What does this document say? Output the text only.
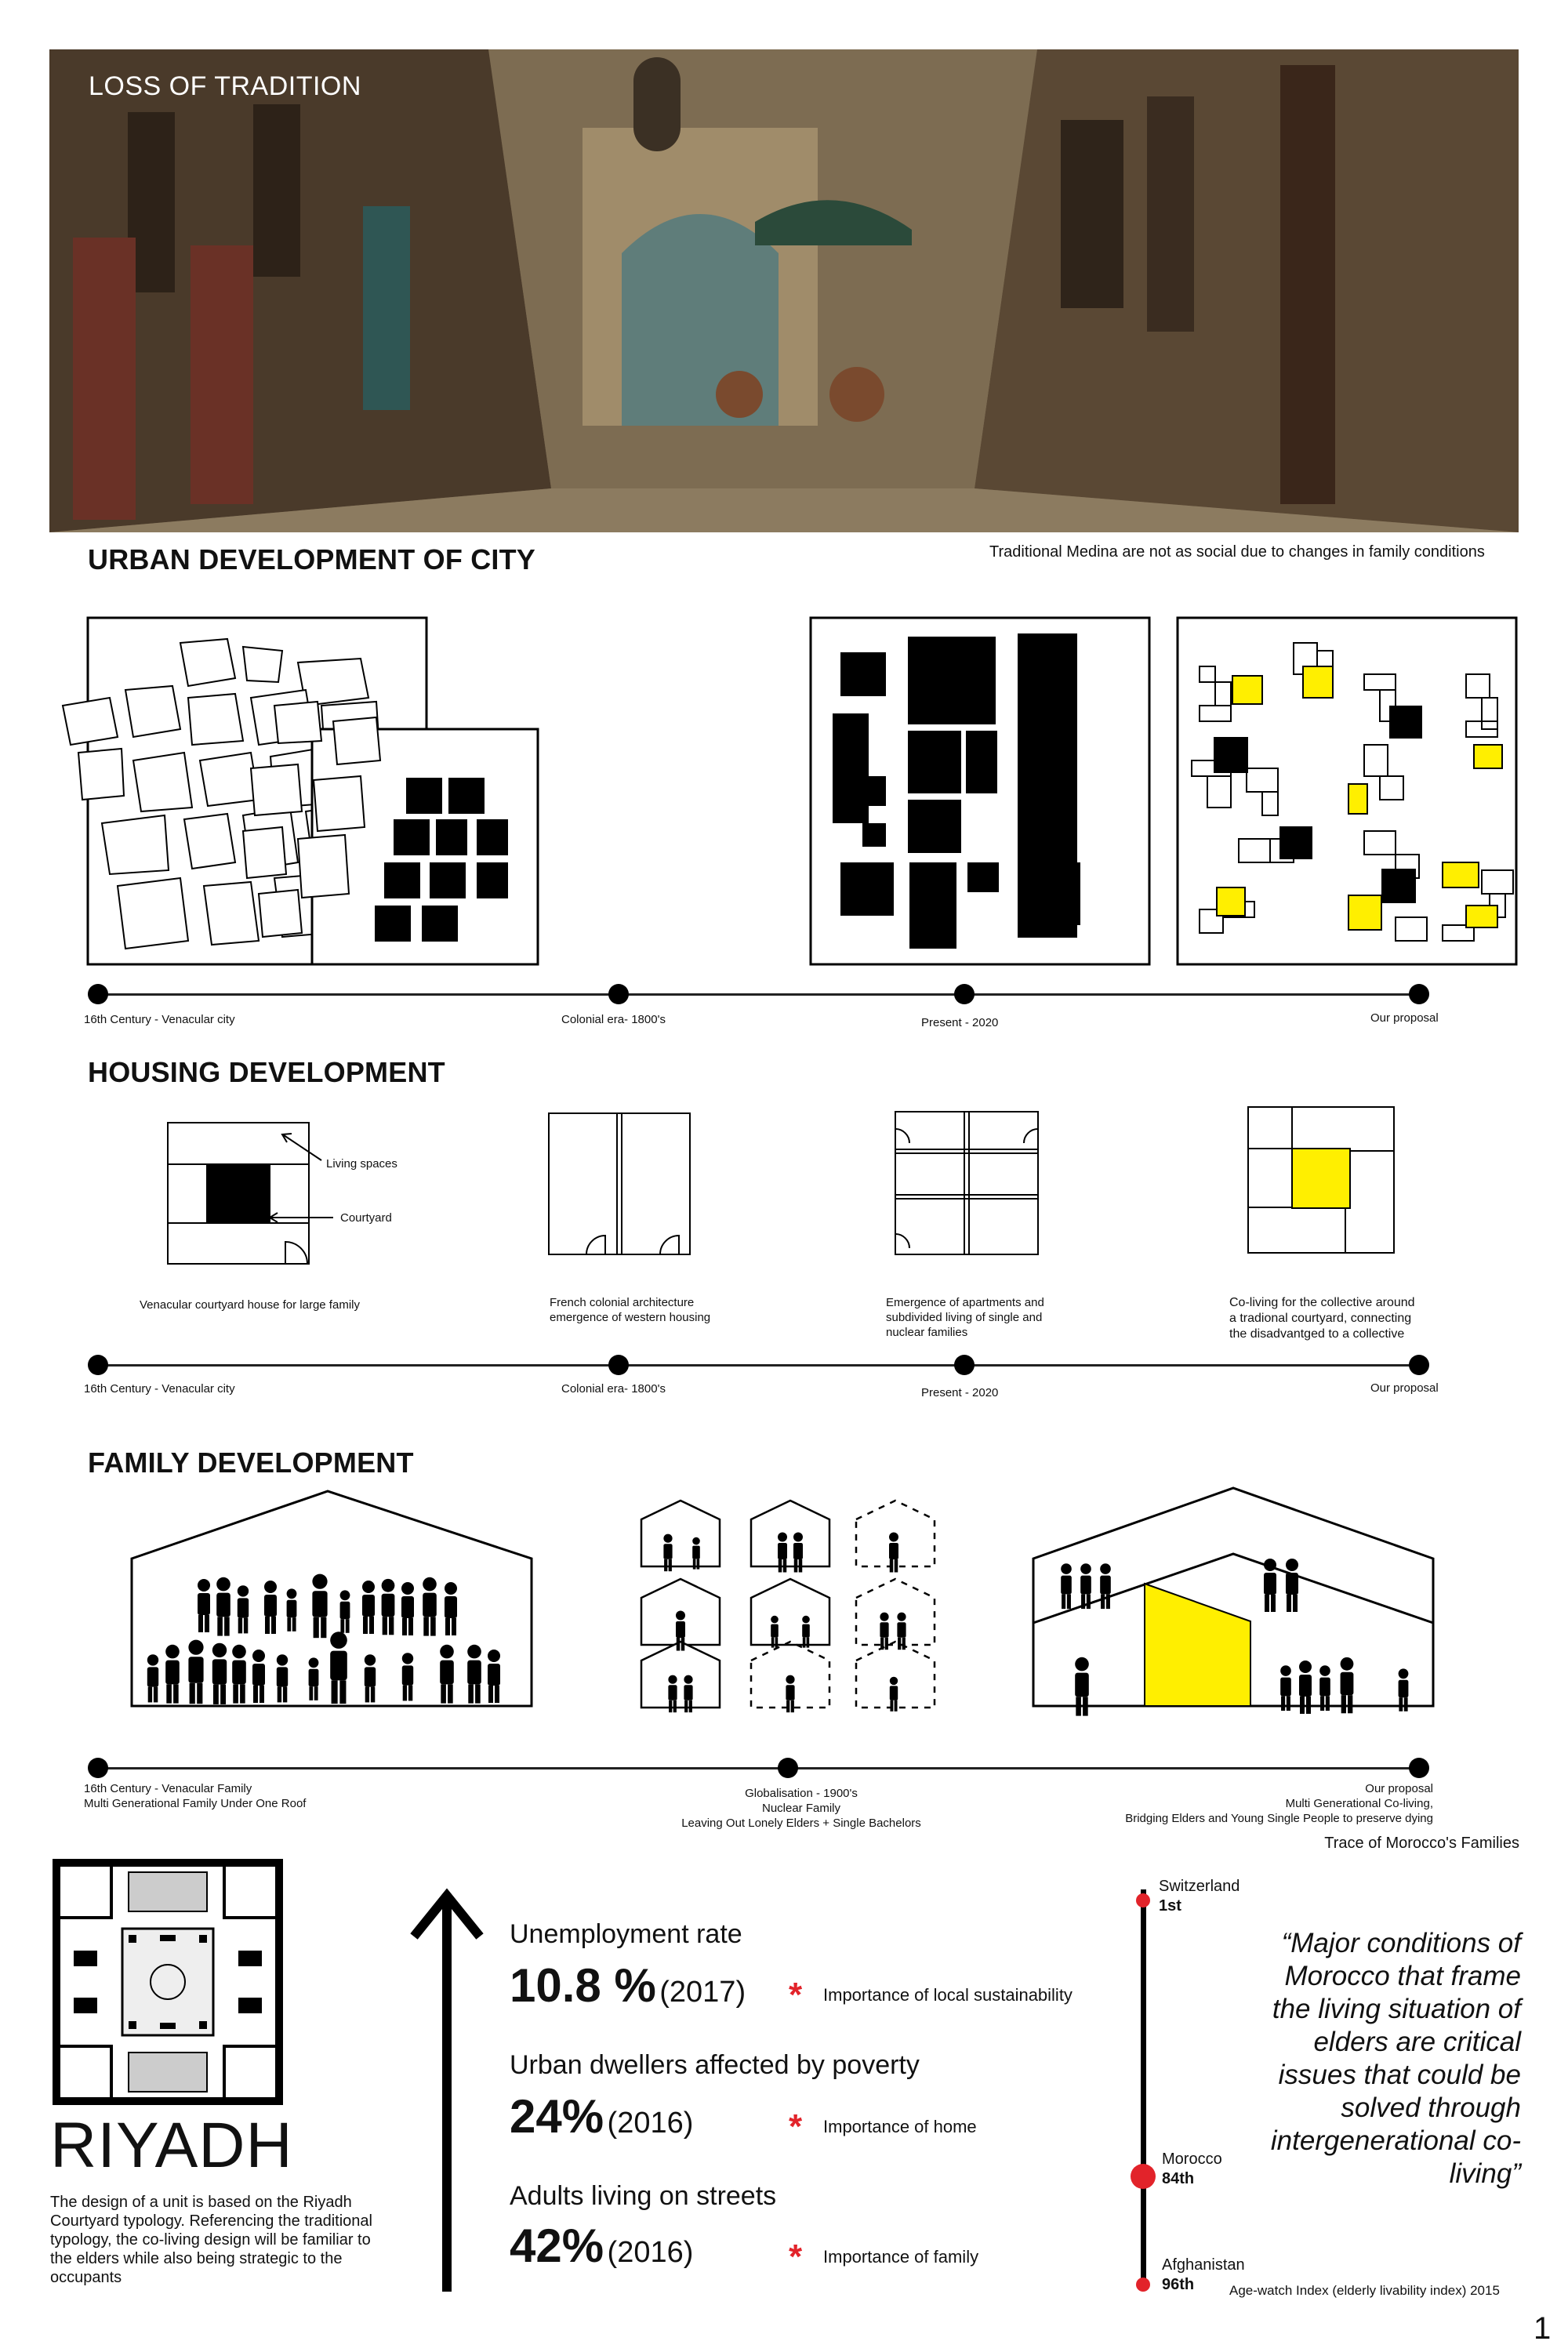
LOSS OF TRADITION
URBAN DEVELOPMENT OF CITY	Traditional Medina are not as social due to changes in family conditions
16th Century - Venacular city	Colonial era- 1800's	Present - 2020	Our proposal
HOUSING DEVELOPMENT
Living spaces
Courtyard
Venacular courtyard house for large family	French colonial architecture
emergence of western housing
Emergence of apartments and
subdivided living of single and
nuclear families
Co-living for the collective around
a tradional courtyard, connecting
the disadvantged to a collective
16th Century - Venacular city	Colonial era- 1800's	Present - 2020	Our proposal
FAMILY DEVELOPMENT
16th Century - Venacular Family
Multi Generational Family Under One Roof
Globalisation - 1900's
Nuclear Family
Leaving Out Lonely Elders + Single Bachelors
Our proposal
Multi Generational Co-living,
Bridging Elders and Young Single People to preserve dying
Trace of Morocco's Families
RIYADH
The design of a unit is based on the Riyadh Courtyard typology. Referencing the traditional typology, the co-living design will be familiar to the elders while also being strategic to the occupants
Unemployment rate
10.8 % (2017) * Importance of local sustainability
Urban dwellers affected by poverty
24% (2016)	* Importance of home
Adults living on streets
42% (2016)	* Importance of family
Switzerland
1st
Morocco
84th
Afghanistan
96th	Age-watch Index (elderly livability index) 2015
“Major conditions of Morocco that frame the living situation of elders are critical issues that could be solved through intergenerational co-living”
1
